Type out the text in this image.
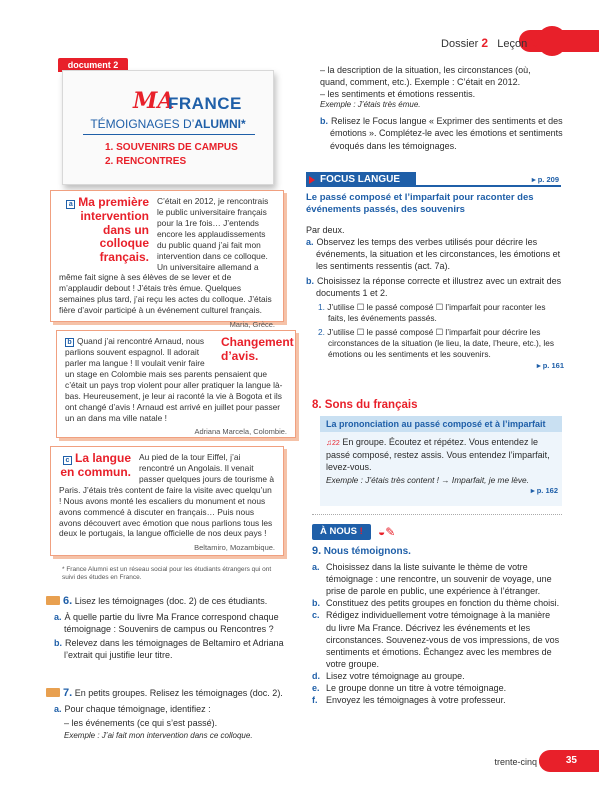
Dossier 2 Leçon 3
document 2
MA
FRANCE
TÉMOIGNAGES D’ALUMNI*
1. SOUVENIRS DE CAMPUS
2. RENCONTRES
a Ma première intervention dans un colloque français.
C’était en 2012, je rencontrais le public universitaire français pour la 1re fois… J’entends encore les applaudissements du public quand j’ai fait mon intervention dans ce colloque. Un universitaire allemand a même fait signe à ses élèves de se lever et de m’applaudir debout ! J’étais très émue. Quelques semaines plus tard, j’ai reçu les actes du colloque. J’étais fière d’avoir participé à un événement culturel français.
Maria, Grèce.
Changement d’avis.
b Quand j’ai rencontré Arnaud, nous parlions souvent espagnol. Il adorait parler ma langue ! Il voulait venir faire un stage en Colombie mais ses parents pensaient que c’était un pays trop violent pour aller pratiquer la langue là-bas. Heureusement, je leur ai raconté la vie à Bogota et ils ont changé d’avis ! Arnaud est arrivé en juillet pour passer un an dans ma ville natale !
Adriana Marcela, Colombie.
c La langue en commun.
Au pied de la tour Eiffel, j’ai rencontré un Angolais. Il venait passer quelques jours de tourisme à Paris. J’étais très content de faire la visite avec quelqu’un ! Nous avons monté les escaliers du monument et nous avons commencé à discuter en français… Puis nous avons découvert avec émotion que nous parlions tous les deux le portugais, la langue officielle de nos deux pays !
Beltamiro, Mozambique.
* France Alumni est un réseau social pour les étudiants étrangers qui ont suivi des études en France.
6. Lisez les témoignages (doc. 2) de ces étudiants.
a. À quelle partie du livre Ma France correspond chaque témoignage : Souvenirs de campus ou Rencontres ?
b. Relevez dans les témoignages de Beltamiro et Adriana l’extrait qui justifie leur titre.
7. En petits groupes. Relisez les témoignages (doc. 2).
a. Pour chaque témoignage, identifiez :
– les événements (ce qui s’est passé).
Exemple : J’ai fait mon intervention dans ce colloque.
– la description de la situation, les circonstances (où,
quand, comment, etc.). Exemple : C’était en 2012.
– les sentiments et émotions ressentis.
Exemple : J’étais très émue.
b. Relisez le Focus langue « Exprimer des sentiments et des émotions ». Complétez-le avec les émotions et sentiments évoqués dans les témoignages.
FOCUS LANGUE	▸ p. 209
Le passé composé et l’imparfait pour raconter des événements passés, des souvenirs
Par deux.
a. Observez les temps des verbes utilisés pour décrire les événements, la situation et les circonstances, les émotions et les sentiments ressentis (act. 7a).
b. Choisissez la réponse correcte et illustrez avec un extrait des documents 1 et 2.
1. J’utilise ☐ le passé composé ☐ l’imparfait pour raconter les faits, les événements passés.
2. J’utilise ☐ le passé composé ☐ l’imparfait pour décrire les circonstances de la situation (le lieu, la date, l’heure, etc.), les émotions ou les sentiments et les souvenirs.
▸ p. 161
8. Sons du français
La prononciation au passé composé et à l’imparfait
♫22 En groupe. Écoutez et répétez. Vous entendez le passé composé, restez assis. Vous entendez l’imparfait, levez-vous.
Exemple : J’étais très content ! → Imparfait, je me lève.
▸ p. 162
À NOUS !	◒✎
9. Nous témoignons.
a. Choisissez dans la liste suivante le thème de votre témoignage : une rencontre, un souvenir de voyage, une prise de parole en public, une expérience à l’étranger.
b. Constituez des petits groupes en fonction du thème choisi.
c. Rédigez individuellement votre témoignage à la manière du livre Ma France. Décrivez les événements et les circonstances. Souvenez-vous de vos impressions, de vos sentiments et émotions. Échangez avec les membres de votre groupe.
d. Lisez votre témoignage au groupe.
e. Le groupe donne un titre à votre témoignage.
f. Envoyez les témoignages à votre professeur.
trente-cinq	35
